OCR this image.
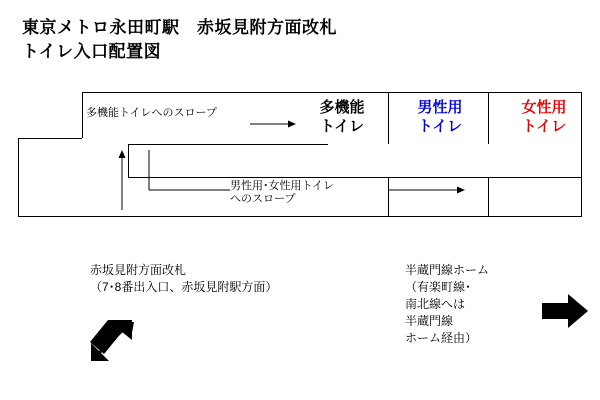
東京メトロ永田町駅　赤坂見附方面改札
トイレ入口配置図
多機能
トイレ
男性用
トイレ
女性用
トイレ
多機能トイレへのスロープ
男性用･女性用トイレ
へのスロープ
赤坂見附方面改札
（7･8番出入口、赤坂見附駅方面）
半蔵門線ホーム
（有楽町線･
南北線へは
半蔵門線
ホーム経由）
